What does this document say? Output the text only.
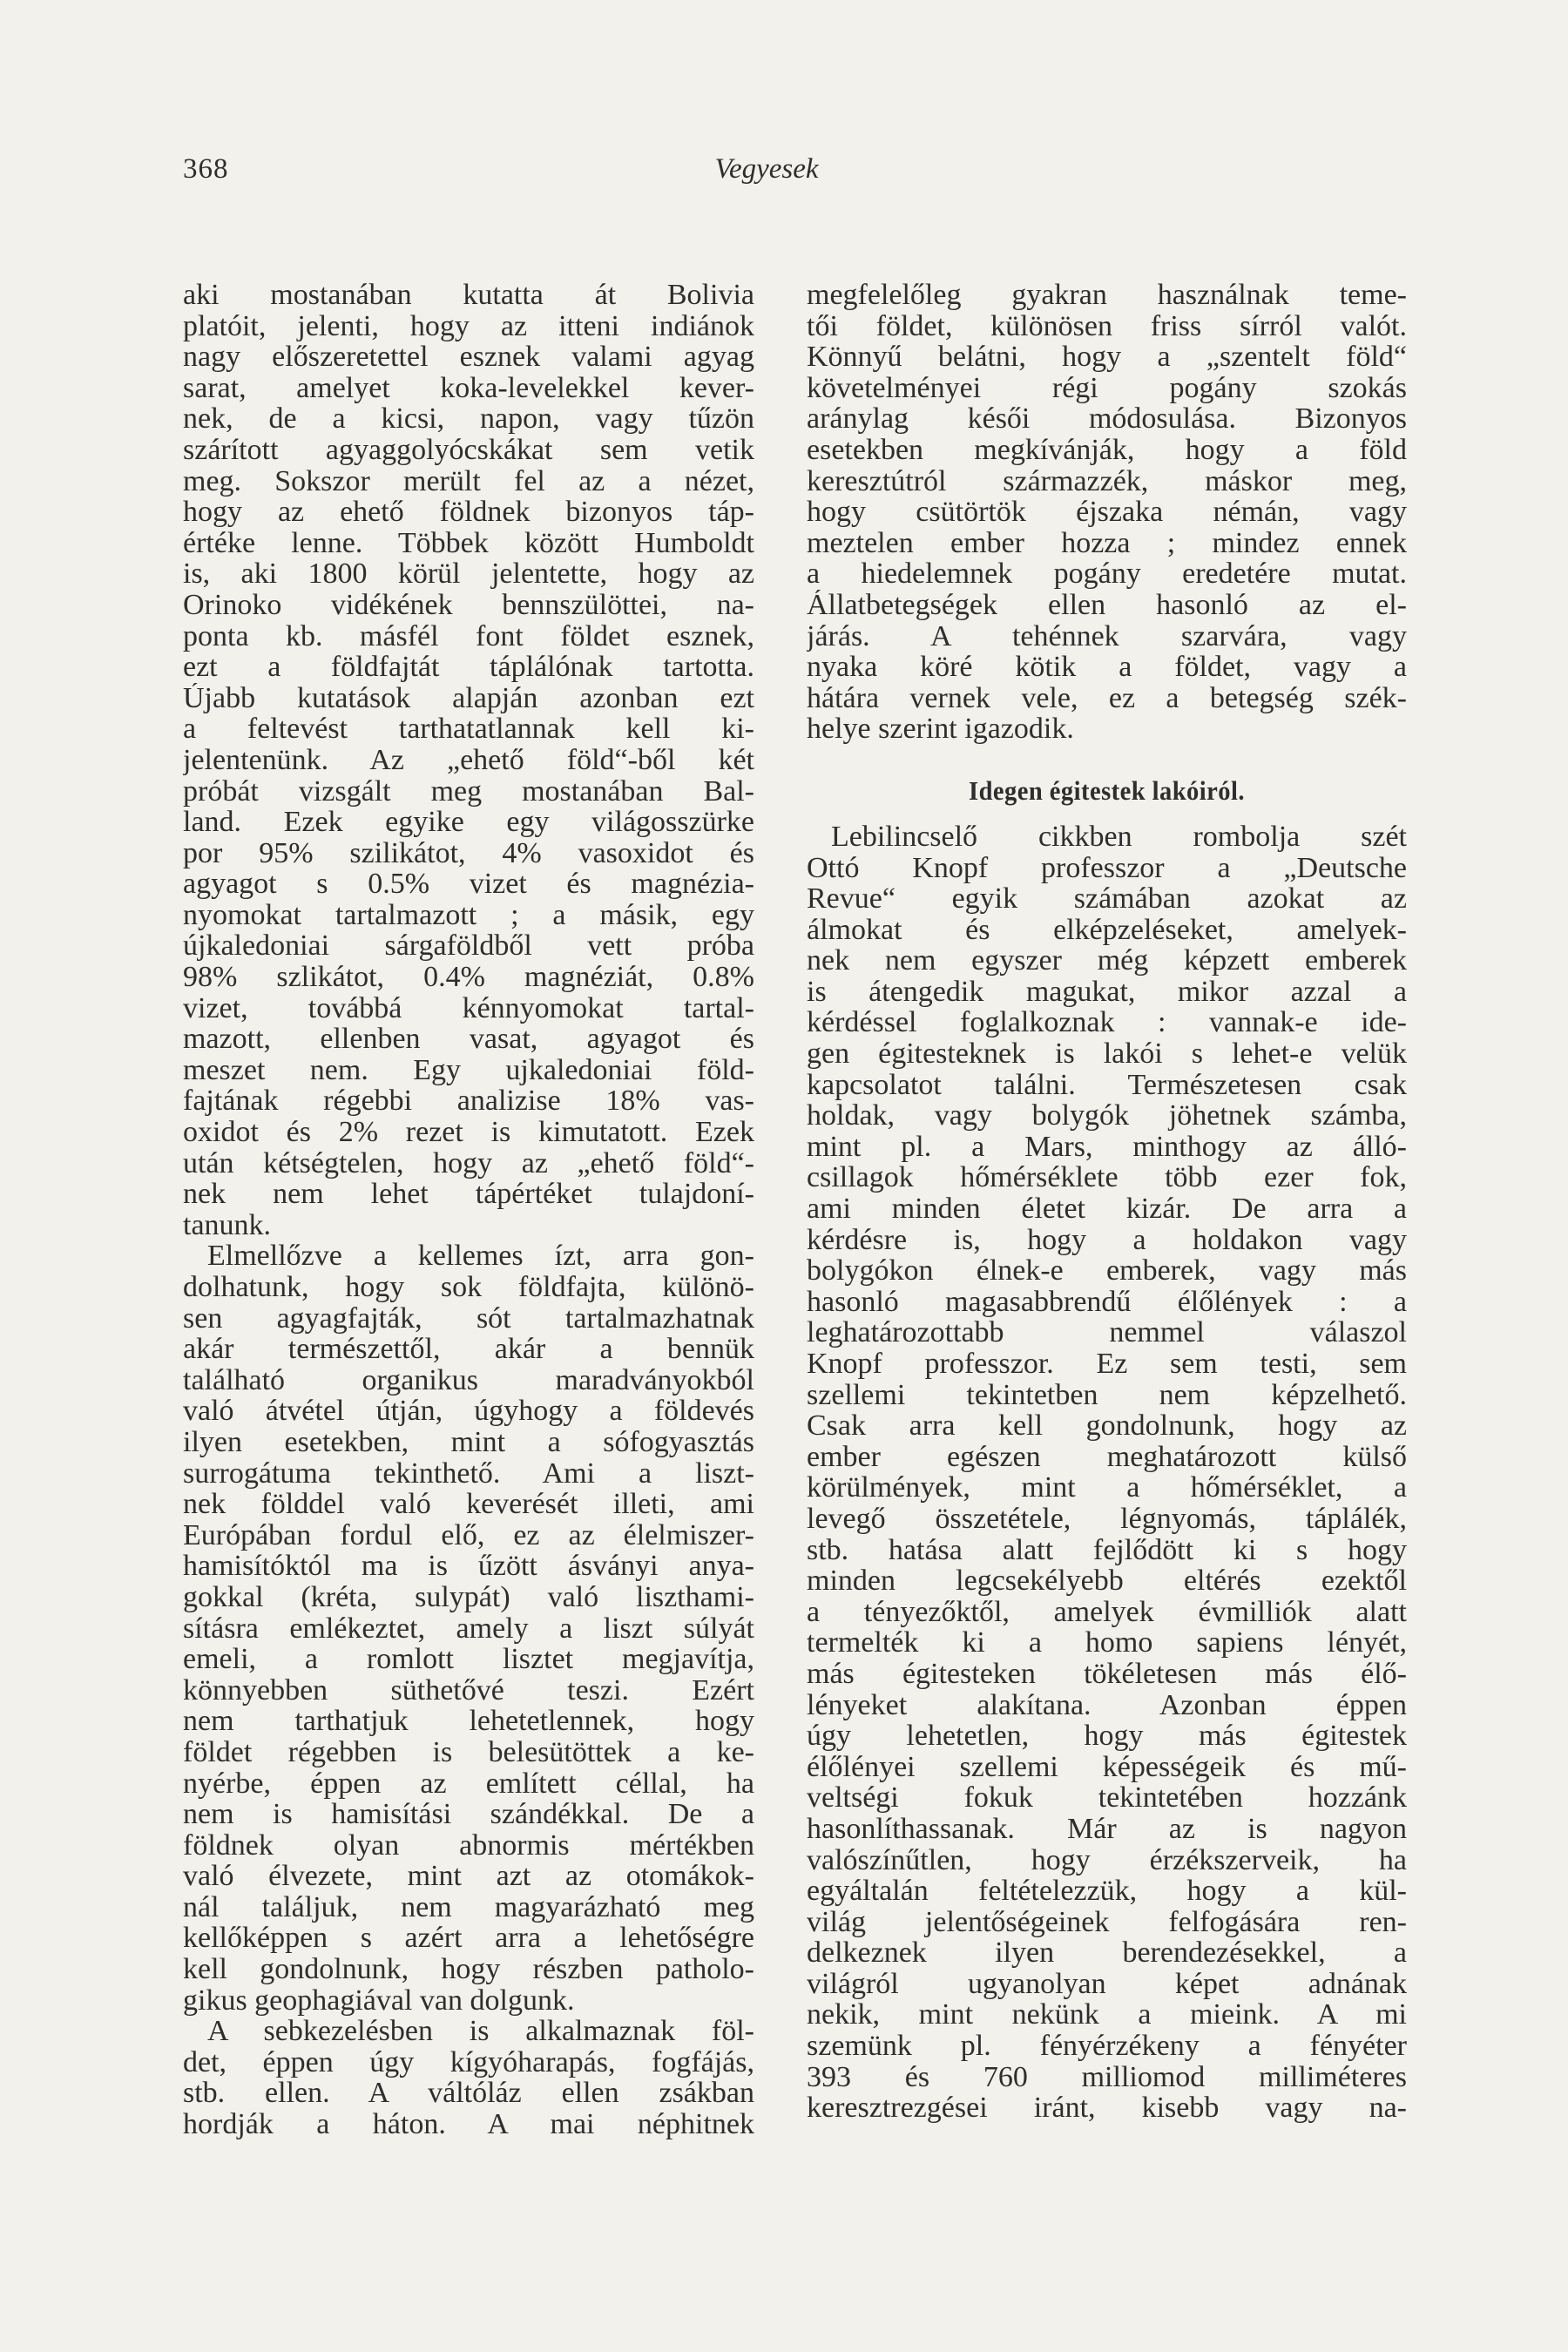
368	Vegyesek
aki mostanában kutatta át Bolivia
platóit, jelenti, hogy az itteni indiánok
nagy előszeretettel esznek valami agyag
sarat, amelyet koka-levelekkel kever-
nek, de a kicsi, napon, vagy tűzön
szárított agyaggolyócskákat sem vetik
meg. Sokszor merült fel az a nézet,
hogy az ehető földnek bizonyos táp-
értéke lenne. Többek között Humboldt
is, aki 1800 körül jelentette, hogy az
Orinoko vidékének bennszülöttei, na-
ponta kb. másfél font földet esznek,
ezt a földfajtát táplálónak tartotta.
Újabb kutatások alapján azonban ezt
a feltevést tarthatatlannak kell ki-
jelentenünk. Az „ehető föld“-ből két
próbát vizsgált meg mostanában Bal-
land. Ezek egyike egy világosszürke
por 95% szilikátot, 4% vasoxidot és
agyagot s 0.5% vizet és magnézia-
nyomokat tartalmazott ; a másik, egy
újkaledoniai sárgaföldből vett próba
98% szlikátot, 0.4% magnéziát, 0.8%
vizet, továbbá kénnyomokat tartal-
mazott, ellenben vasat, agyagot és
meszet nem. Egy ujkaledoniai föld-
fajtának régebbi analizise 18% vas-
oxidot és 2% rezet is kimutatott. Ezek
után kétségtelen, hogy az „ehető föld“-
nek nem lehet tápértéket tulajdoní-
tanunk.
Elmellőzve a kellemes ízt, arra gon-
dolhatunk, hogy sok földfajta, különö-
sen agyagfajták, sót tartalmazhatnak
akár természettől, akár a bennük
található organikus maradványokból
való átvétel útján, úgyhogy a földevés
ilyen esetekben, mint a sófogyasztás
surrogátuma tekinthető. Ami a liszt-
nek földdel való keverését illeti, ami
Európában fordul elő, ez az élelmiszer-
hamisítóktól ma is űzött ásványi anya-
gokkal (kréta, sulypát) való liszthami-
sításra emlékeztet, amely a liszt súlyát
emeli, a romlott lisztet megjavítja,
könnyebben süthetővé teszi. Ezért
nem tarthatjuk lehetetlennek, hogy
földet régebben is belesütöttek a ke-
nyérbe, éppen az említett céllal, ha
nem is hamisítási szándékkal. De a
földnek olyan abnormis mértékben
való élvezete, mint azt az otomákok-
nál találjuk, nem magyarázható meg
kellőképpen s azért arra a lehetőségre
kell gondolnunk, hogy részben patholo-
gikus geophagiával van dolgunk.
A sebkezelésben is alkalmaznak föl-
det, éppen úgy kígyóharapás, fogfájás,
stb. ellen. A váltóláz ellen zsákban
hordják a háton. A mai néphitnek
megfelelőleg gyakran használnak teme-
tői földet, különösen friss sírról valót.
Könnyű belátni, hogy a „szentelt föld“
követelményei régi pogány szokás
aránylag késői módosulása. Bizonyos
esetekben megkívánják, hogy a föld
keresztútról származzék, máskor meg,
hogy csütörtök éjszaka némán, vagy
meztelen ember hozza ; mindez ennek
a hiedelemnek pogány eredetére mutat.
Állatbetegségek ellen hasonló az el-
járás. A tehénnek szarvára, vagy
nyaka köré kötik a földet, vagy a
hátára vernek vele, ez a betegség szék-
helye szerint igazodik.
Idegen égitestek lakóiról.
Lebilincselő cikkben rombolja szét
Ottó Knopf professzor a „Deutsche
Revue“ egyik számában azokat az
álmokat és elképzeléseket, amelyek-
nek nem egyszer még képzett emberek
is átengedik magukat, mikor azzal a
kérdéssel foglalkoznak : vannak-e ide-
gen égitesteknek is lakói s lehet-e velük
kapcsolatot találni. Természetesen csak
holdak, vagy bolygók jöhetnek számba,
mint pl. a Mars, minthogy az álló-
csillagok hőmérséklete több ezer fok,
ami minden életet kizár. De arra a
kérdésre is, hogy a holdakon vagy
bolygókon élnek-e emberek, vagy más
hasonló magasabbrendű élőlények : a
leghatározottabb nemmel válaszol
Knopf professzor. Ez sem testi, sem
szellemi tekintetben nem képzelhető.
Csak arra kell gondolnunk, hogy az
ember egészen meghatározott külső
körülmények, mint a hőmérséklet, a
levegő összetétele, légnyomás, táplálék,
stb. hatása alatt fejlődött ki s hogy
minden legcsekélyebb eltérés ezektől
a tényezőktől, amelyek évmilliók alatt
termelték ki a homo sapiens lényét,
más égitesteken tökéletesen más élő-
lényeket alakítana. Azonban éppen
úgy lehetetlen, hogy más égitestek
élőlényei szellemi képességeik és mű-
veltségi fokuk tekintetében hozzánk
hasonlíthassanak. Már az is nagyon
valószínűtlen, hogy érzékszerveik, ha
egyáltalán feltételezzük, hogy a kül-
világ jelentőségeinek felfogására ren-
delkeznek ilyen berendezésekkel, a
világról ugyanolyan képet adnának
nekik, mint nekünk a mieink. A mi
szemünk pl. fényérzékeny a fényéter
393 és 760 milliomod milliméteres
keresztrezgései iránt, kisebb vagy na-
